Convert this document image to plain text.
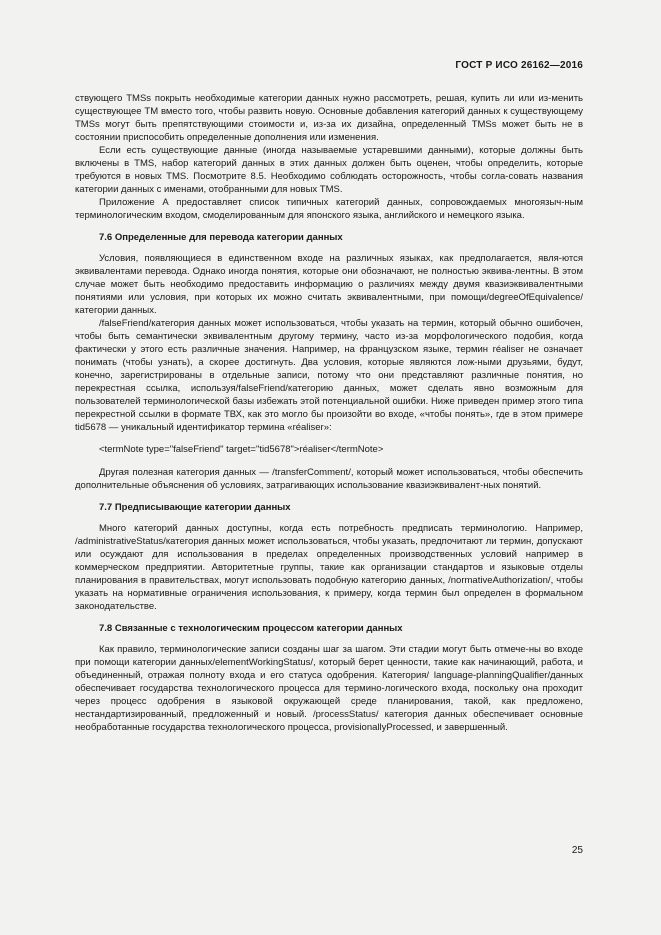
ГОСТ Р ИСО 26162—2016

ствующего TMSs покрыть необходимые категории данных нужно рассмотреть, решая, купить ли или из-менить существующее ТМ вместо того, чтобы развить новую. Основные добавления категорий данных к существующему TMSs могут быть препятствующими стоимости и, из-за их дизайна, определенный TMSs может быть не в состоянии приспособить определенные дополнения или изменения.

Если есть существующие данные (иногда называемые устаревшими данными), которые должны быть включены в TMS, набор категорий данных в этих данных должен быть оценен, чтобы определить, которые требуются в новых TMS. Посмотрите 8.5. Необходимо соблюдать осторожность, чтобы согла-совать названия категории данных с именами, отобранными для новых TMS.

Приложение А предоставляет список типичных категорий данных, сопровождаемых многоязыч-ным терминологическим входом, смоделированным для японского языка, английского и немецкого языка.

7.6 Определенные для перевода категории данных

Условия, появляющиеся в единственном входе на различных языках, как предполагается, явля-ются эквивалентами перевода. Однако иногда понятия, которые они обозначают, не полностью эквива-лентны. В этом случае может быть необходимо предоставить информацию о различиях между двумя квазиэквивалентными понятиями или условия, при которых их можно считать эквивалентными, при помощи/degreeOfEquivalence/категории данных.

/falseFriend/категория данных может использоваться, чтобы указать на термин, который обычно ошибочен, чтобы быть семантически эквивалентным другому термину, часто из-за морфологического подобия, когда фактически у этого есть различные значения. Например, на французском языке, термин réaliser не означает понимать (чтобы узнать), а скорее достигнуть. Два условия, которые являются лож-ными друзьями, будут, конечно, зарегистрированы в отдельные записи, потому что они представляют различные понятия, но перекрестная ссылка, используя/falseFriend/категорию данных, может сделать явно возможным для пользователей терминологической базы избежать этой потенциальной ошибки. Ниже приведен пример этого типа перекрестной ссылки в формате ТВХ, как это могло бы произойти во входе, «чтобы понять», где в этом примере tid5678 — уникальный идентификатор термина «réaliser»:

<termNote type="falseFriend" target="tid5678">réaliser</termNote>

Другая полезная категория данных — /transferComment/, который может использоваться, чтобы обеспечить дополнительные объяснения об условиях, затрагивающих использование квазиэквивалент-ных понятий.

7.7 Предписывающие категории данных

Много категорий данных доступны, когда есть потребность предписать терминологию. Например, /administrativeStatus/категория данных может использоваться, чтобы указать, предпочитают ли термин, допускают или осуждают для использования в пределах определенных производственных условий например в коммерческом предприятии. Авторитетные группы, такие как организации стандартов и языковые отделы планирования в правительствах, могут использовать подобную категорию данных, /normativeAuthorization/, чтобы указать на нормативные ограничения использования, к примеру, когда термин был определен в формальном законодательстве.

7.8 Связанные с технологическим процессом категории данных

Как правило, терминологические записи созданы шаг за шагом. Эти стадии могут быть отмече-ны во входе при помощи категории данных/elementWorkingStatus/, который берет ценности, такие как начинающий, работа, и объединенный, отражая полноту входа и его статуса одобрения. Категория/ language-planningQualifier/данных обеспечивает государства технологического процесса для термино-логического входа, поскольку она проходит через процесс одобрения в языковой окружающей среде планирования, такой, как предложено, нестандартизированный, предложенный и новый. /processStatus/ категория данных обеспечивает основные необработанные государства технологического процесса, provisionallyProcessed, и завершенный.

25
